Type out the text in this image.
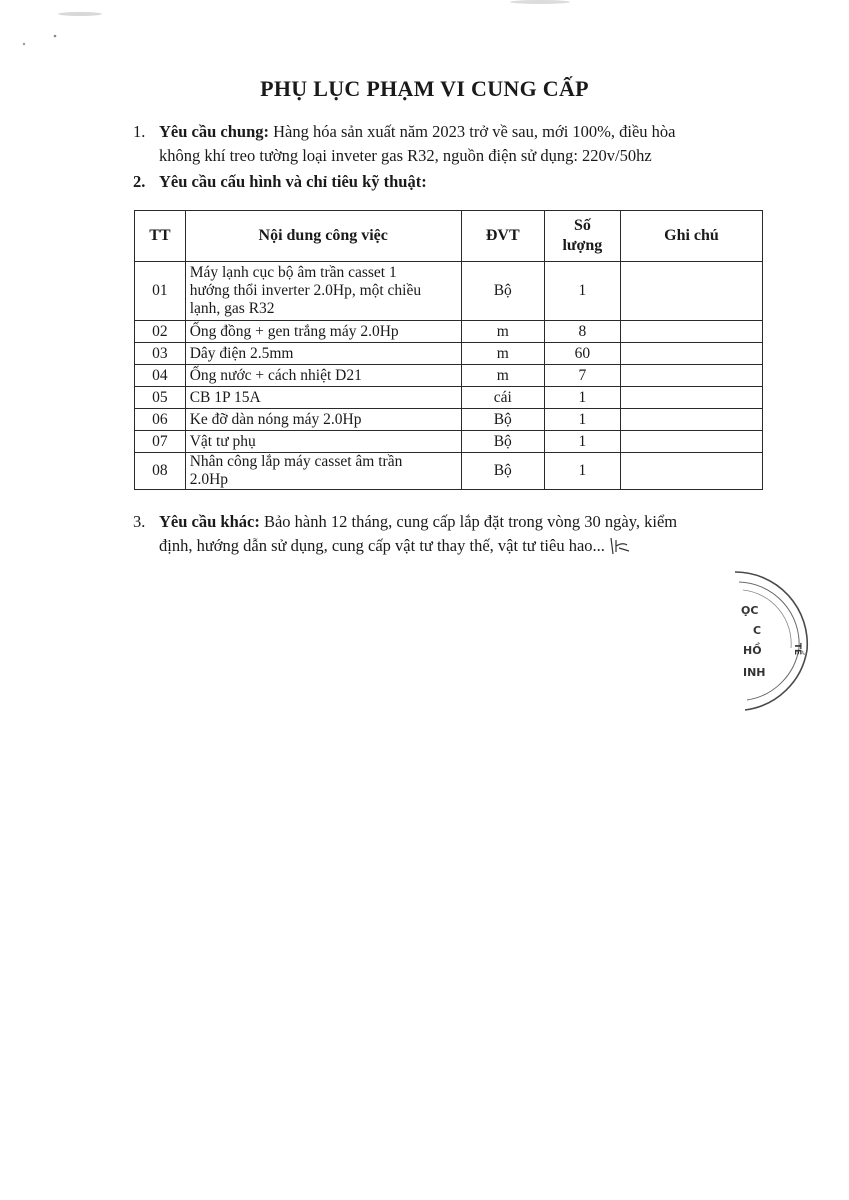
PHỤ LỤC PHẠM VI CUNG CẤP
1. Yêu cầu chung: Hàng hóa sản xuất năm 2023 trở về sau, mới 100%, điều hòa
không khí treo tường loại inveter gas R32, nguồn điện sử dụng: 220v/50hz
2. Yêu cầu cấu hình và chỉ tiêu kỹ thuật:
TT	Nội dung công việc	ĐVT	Số
lượng	Ghi chú
01	Máy lạnh cục bộ âm trần casset 1
hướng thổi inverter 2.0Hp, một chiều
lạnh, gas R32	Bộ	1	
02	Ống đồng + gen trắng máy 2.0Hp	m	8	
03	Dây điện 2.5mm	m	60	
04	Ống nước + cách nhiệt D21	m	7	
05	CB 1P 15A	cái	1	
06	Ke đỡ dàn nóng máy 2.0Hp	Bộ	1	
07	Vật tư phụ	Bộ	1	
08	Nhân công lắp máy casset âm trần
2.0Hp	Bộ	1	
3. Yêu cầu khác: Bảo hành 12 tháng, cung cấp lắp đặt trong vòng 30 ngày, kiểm
định, hướng dẫn sử dụng, cung cấp vật tư thay thế, vật tư tiêu hao...
ỌC
C
HỒ
INH
TẾ
